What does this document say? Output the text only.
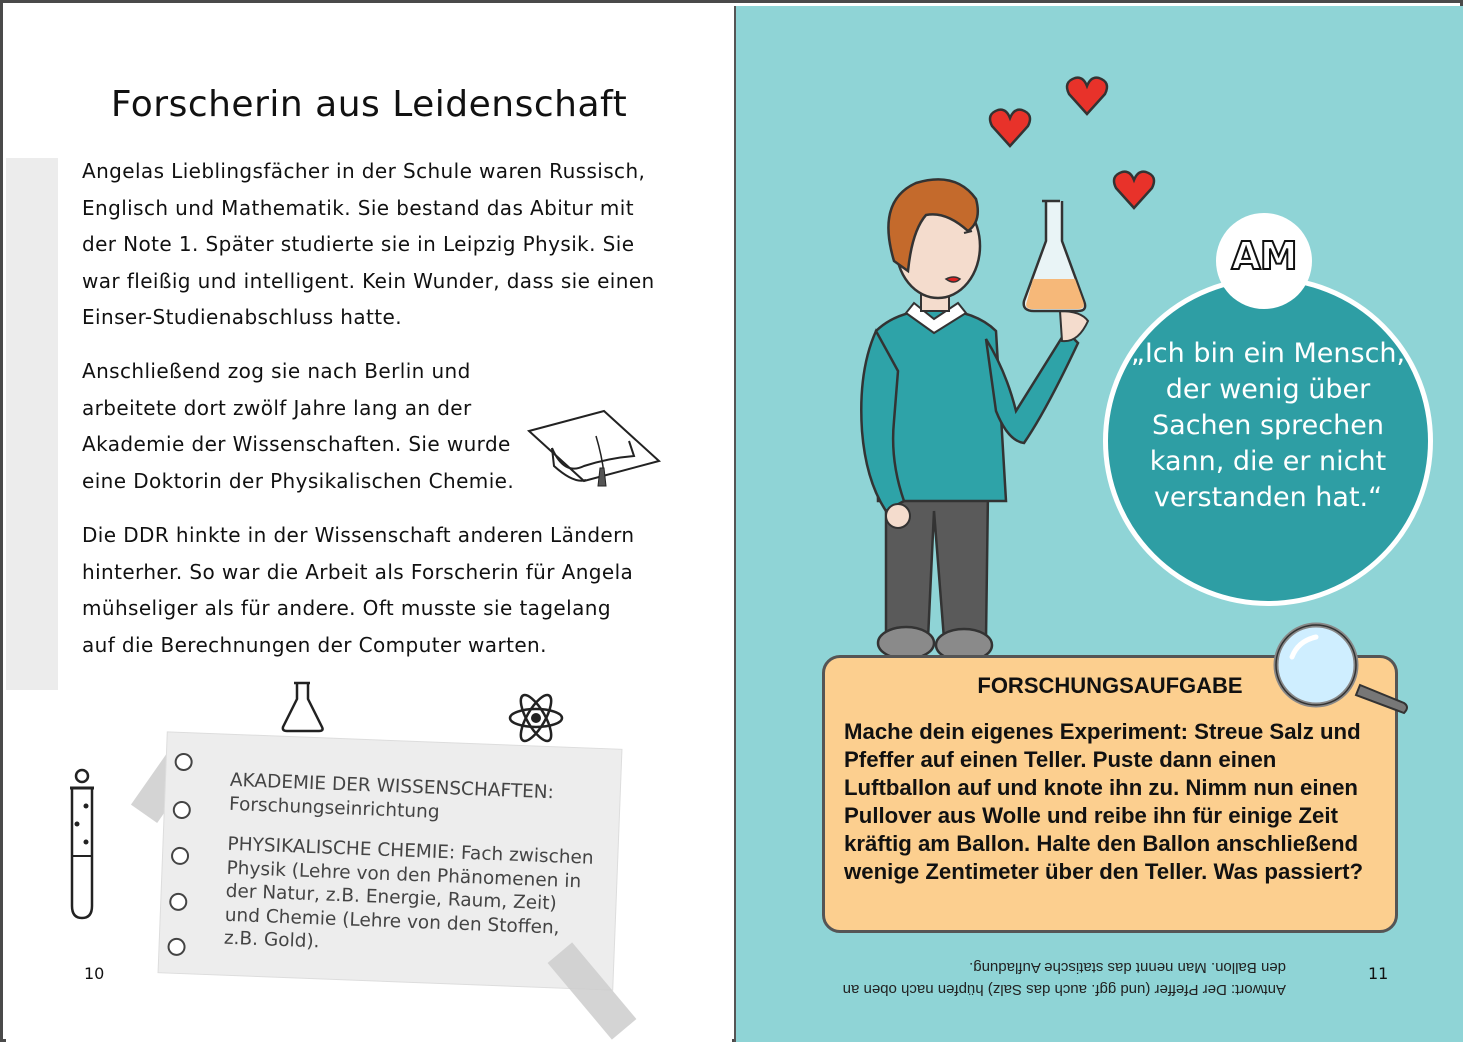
Forscherin aus Leidenschaft

Angelas Lieblingsfächer in der Schule waren Russisch, Englisch und Mathematik. Sie bestand das Abitur mit der Note 1. Später studierte sie in Leipzig Physik. Sie war fleißig und intelligent. Kein Wunder, dass sie einen Einser-Studienabschluss hatte.

Anschließend zog sie nach Berlin und arbeitete dort zwölf Jahre lang an der Akademie der Wissenschaften. Sie wurde eine Doktorin der Physikalischen Chemie.

Die DDR hinkte in der Wissenschaft anderen Ländern hinterher. So war die Arbeit als Forscherin für Angela mühseliger als für andere. Oft musste sie tagelang auf die Berechnungen der Computer warten.

AKADEMIE DER WISSENSCHAFTEN: Forschungseinrichtung

PHYSIKALISCHE CHEMIE: Fach zwischen Physik (Lehre von den Phänomenen in der Natur, z.B. Energie, Raum, Zeit) und Chemie (Lehre von den Stoffen, z.B. Gold).

10

„Ich bin ein Mensch, der wenig über Sachen sprechen kann, die er nicht verstanden hat.“

AM

FORSCHUNGSAUFGABE

Mache dein eigenes Experiment: Streue Salz und Pfeffer auf einen Teller. Puste dann einen Luftballon auf und knote ihn zu. Nimm nun einen Pullover aus Wolle und reibe ihn für einige Zeit kräftig am Ballon. Halte den Ballon anschließend wenige Zentimeter über den Teller. Was passiert?

Antwort: Der Pfeffer (und ggf. auch das Salz) hüpfen nach oben an den Ballon. Man nennt das statische Aufladung.	11
